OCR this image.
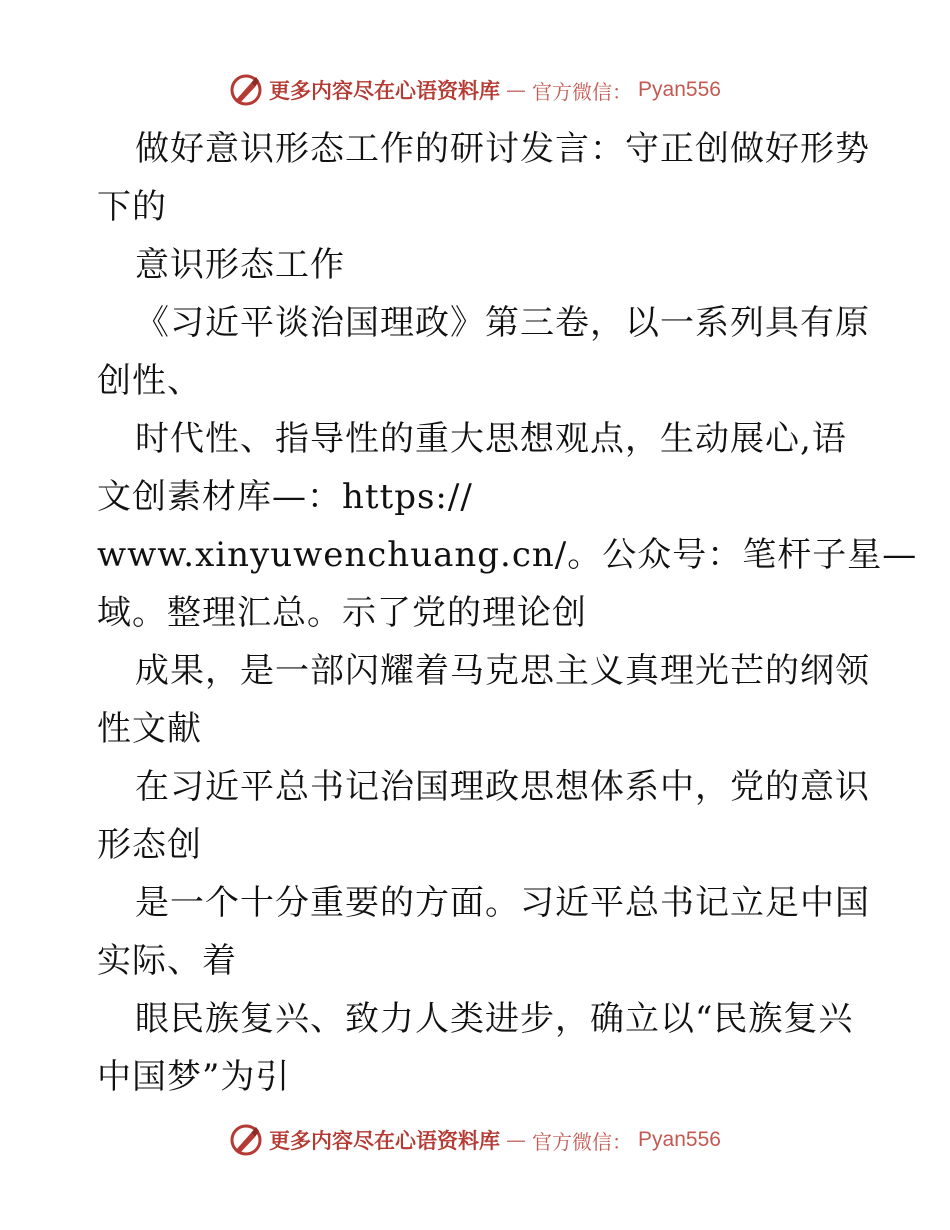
更多内容尽在心语资料库 — 官方微信： Pyan556
做好意识形态工作的研讨发言：守正创做好形势
下的
意识形态工作
《习近平谈治国理政》第三卷，以一系列具有原
创性、
时代性、指导性的重大思想观点，生动展心,语
文创素材库—：https://
www.xinyuwenchuang.cn/。公众号：笔杆子星—
域。整理汇总。示了党的理论创
成果，是一部闪耀着马克思主义真理光芒的纲领
性文献
在习近平总书记治国理政思想体系中，党的意识
形态创
是一个十分重要的方面。习近平总书记立足中国
实际、着
眼民族复兴、致力人类进步，确立以“民族复兴
中国梦”为引
更多内容尽在心语资料库 — 官方微信： Pyan556
